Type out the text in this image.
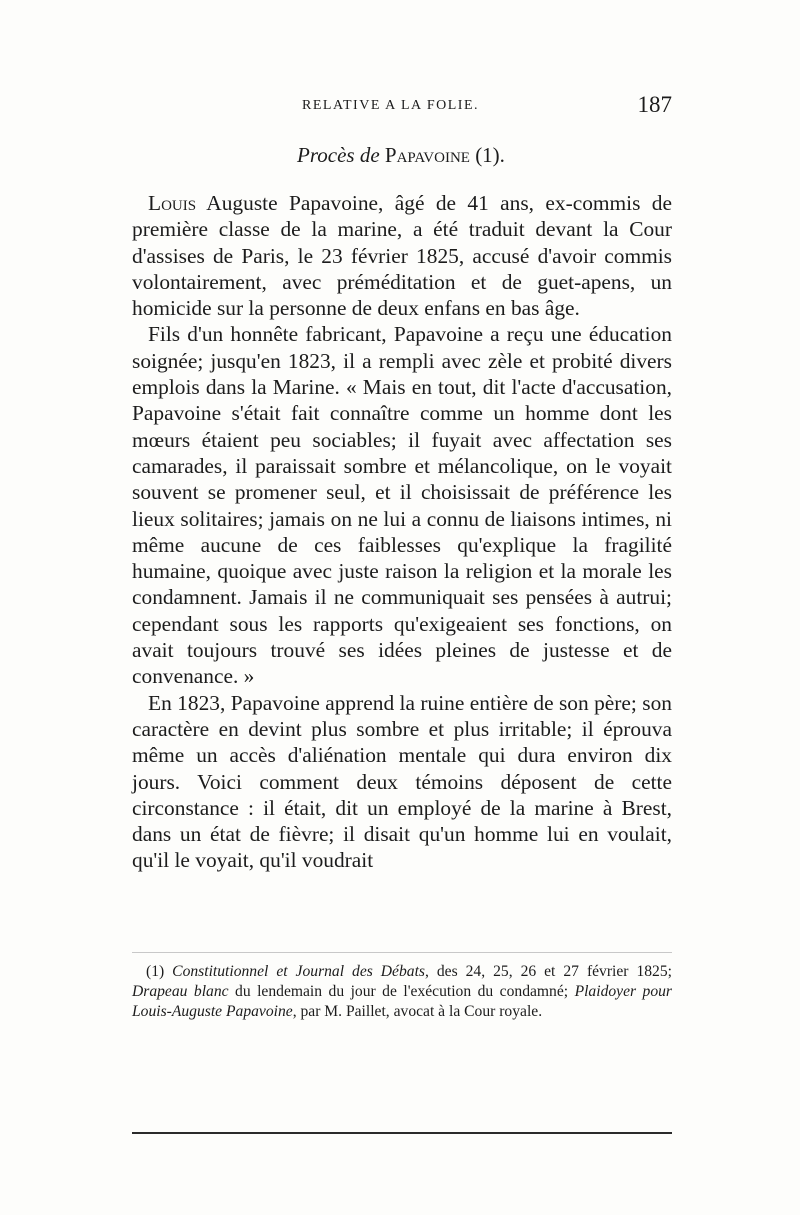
RELATIVE A LA FOLIE.	187
Procès de Papavoine (1).

Louis Auguste Papavoine, âgé de 41 ans, ex-commis de première classe de la marine, a été traduit devant la Cour d'assises de Paris, le 23 février 1825, accusé d'avoir commis volontairement, avec préméditation et de guet-apens, un homicide sur la personne de deux enfans en bas âge.

Fils d'un honnête fabricant, Papavoine a reçu une éducation soignée; jusqu'en 1823, il a rempli avec zèle et probité divers emplois dans la Marine. « Mais en tout, dit l'acte d'accusation, Papavoine s'était fait connaître comme un homme dont les mœurs étaient peu sociables; il fuyait avec affectation ses camarades, il paraissait sombre et mélancolique, on le voyait souvent se promener seul, et il choisissait de préférence les lieux solitaires; jamais on ne lui a connu de liaisons intimes, ni même aucune de ces faiblesses qu'explique la fragilité humaine, quoique avec juste raison la religion et la morale les condamnent. Jamais il ne communiquait ses pensées à autrui; cependant sous les rapports qu'exigeaient ses fonctions, on avait toujours trouvé ses idées pleines de justesse et de convenance. »

En 1823, Papavoine apprend la ruine entière de son père; son caractère en devint plus sombre et plus irritable; il éprouva même un accès d'aliénation mentale qui dura environ dix jours. Voici comment deux témoins déposent de cette circonstance : il était, dit un employé de la marine à Brest, dans un état de fièvre; il disait qu'un homme lui en voulait, qu'il le voyait, qu'il voudrait

(1) Constitutionnel et Journal des Débats, des 24, 25, 26 et 27 février 1825; Drapeau blanc du lendemain du jour de l'exécution du condamné; Plaidoyer pour Louis-Auguste Papavoine, par M. Paillet, avocat à la Cour royale.
